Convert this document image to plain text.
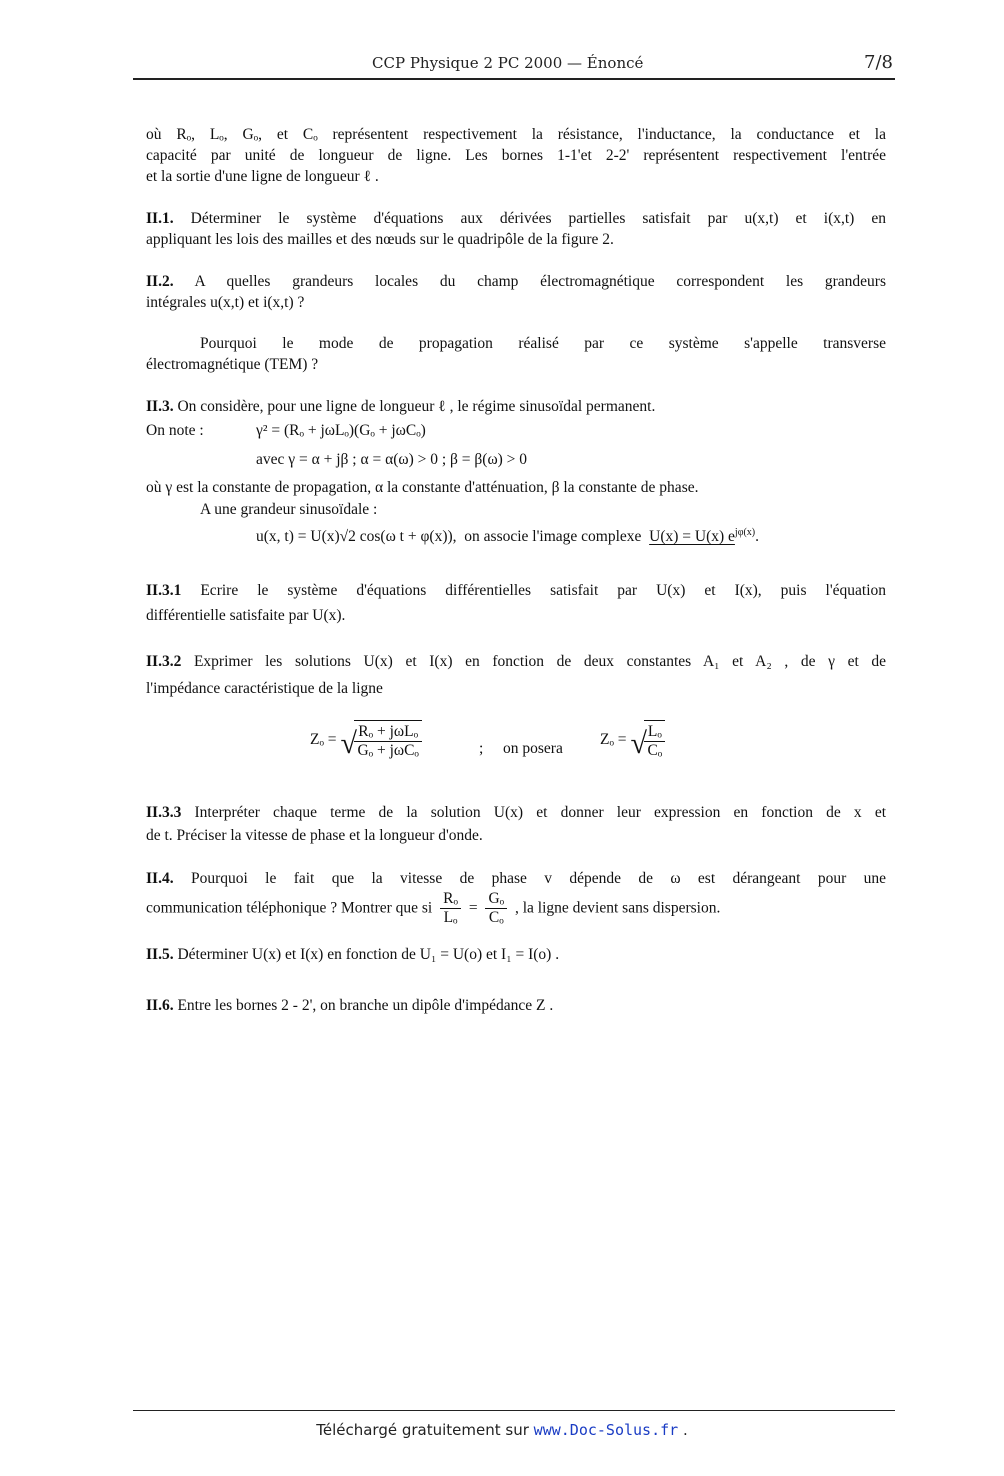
CCP Physique 2 PC 2000 — Énoncé	7/8
où Rₒ, Lₒ, Gₒ, et Cₒ représentent respectivement la résistance, l'inductance, la conductance et la
capacité par unité de longueur de ligne. Les bornes 1-1'et 2-2' représentent respectivement l'entrée
et la sortie d'une ligne de longueur ℓ .
II.1. Déterminer le système d'équations aux dérivées partielles satisfait par u(x,t) et i(x,t) en
appliquant les lois des mailles et des nœuds sur le quadripôle de la figure 2.
II.2. A quelles grandeurs locales du champ électromagnétique correspondent les grandeurs
intégrales u(x,t) et i(x,t) ?
Pourquoi le mode de propagation réalisé par ce système s'appelle transverse
électromagnétique (TEM) ?
II.3. On considère, pour une ligne de longueur ℓ , le régime sinusoïdal permanent.
On note :	γ² = (Rₒ + jωLₒ)(Gₒ + jωCₒ)
avec γ = α + jβ ; α = α(ω) > 0 ; β = β(ω) > 0
où γ est la constante de propagation, α la constante d'atténuation, β la constante de phase.
A une grandeur sinusoïdale :
u(x, t) = U(x)√2 cos(ω t + φ(x)), on associe l'image complexe U(x) = U(x) $e^{j\varphi(x)}$.
II.3.1 Ecrire le système d'équations différentielles satisfait par U(x) et I(x), puis l'équation
différentielle satisfaite par U(x).
II.3.2 Exprimer les solutions U(x) et I(x) en fonction de deux constantes A₁ et A₂ , de γ et de
l'impédance caractéristique de la ligne
Zₒ = √
$\frac{\text{Rₒ + jωLₒ}}{\text{Gₒ + jωCₒ}}$	; on posera
Zₒ = √
$\frac{\text{Lₒ}}{\text{Cₒ}}$
II.3.3 Interpréter chaque terme de la solution U(x) et donner leur expression en fonction de x et
de t. Préciser la vitesse de phase et la longueur d'onde.
II.4. Pourquoi le fait que la vitesse de phase v dépende de ω est dérangeant pour une
communication téléphonique ? Montrer que si $\frac{\text{Rₒ}}{\text{Lₒ}} = \frac{\text{Gₒ}}{\text{Cₒ}}$ , la ligne devient sans dispersion.
II.5. Déterminer U(x) et I(x) en fonction de U₁ = U(o) et I₁ = I(o) .
II.6. Entre les bornes 2 - 2', on branche un dipôle d'impédance Z .
Téléchargé gratuitement sur www.Doc-Solus.fr .
